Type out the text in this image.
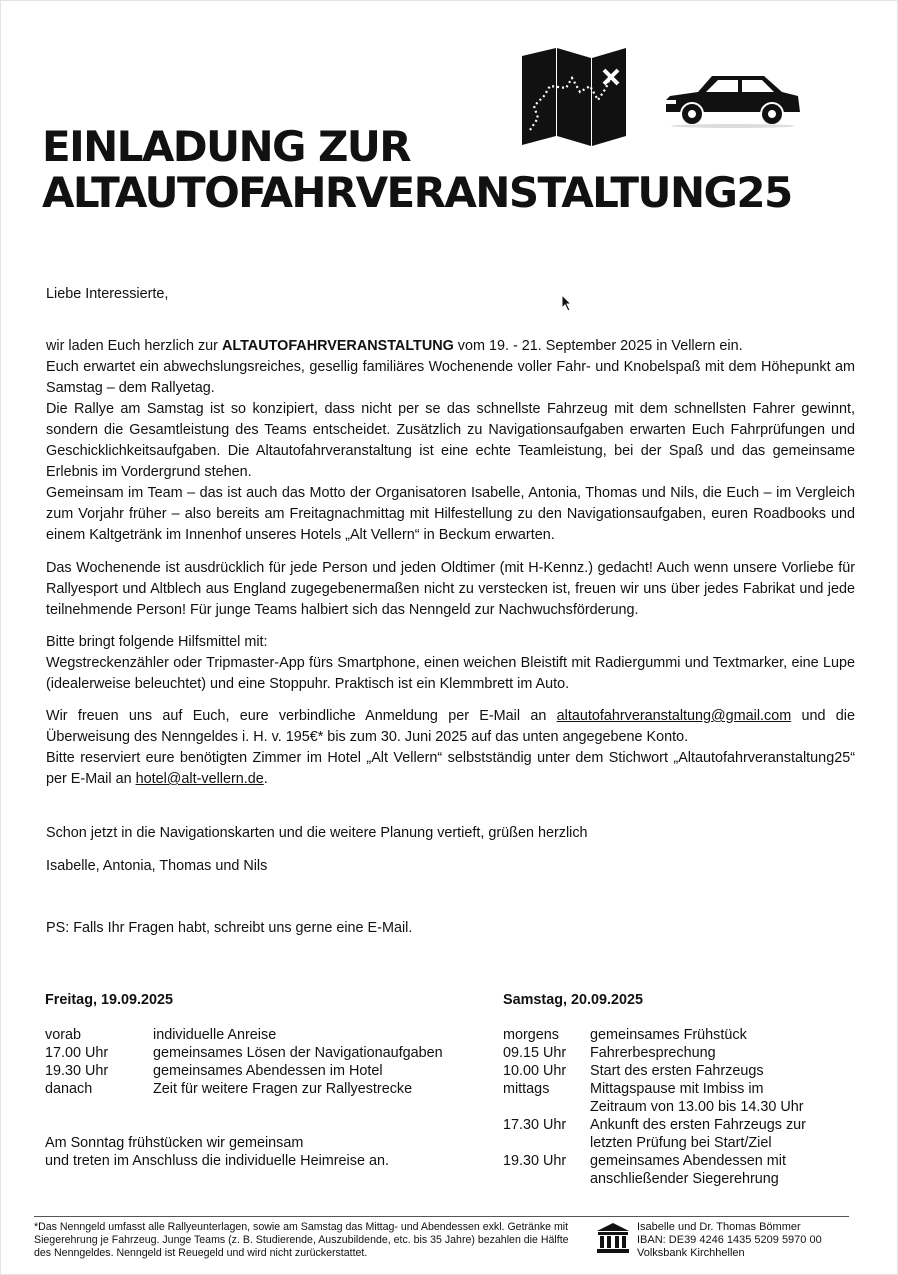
EINLADUNG ZUR
ALTAUTOFAHRVERANSTALTUNG25

Liebe Interessierte,

wir laden Euch herzlich zur ALTAUTOFAHRVERANSTALTUNG vom 19. - 21. September 2025 in Vellern ein.

Euch erwartet ein abwechslungsreiches, gesellig familiäres Wochenende voller Fahr- und Knobelspaß mit dem Höhepunkt am Samstag – dem Rallyetag.

Die Rallye am Samstag ist so konzipiert, dass nicht per se das schnellste Fahrzeug mit dem schnellsten Fahrer gewinnt, sondern die Gesamtleistung des Teams entscheidet. Zusätzlich zu Navigationsaufgaben erwarten Euch Fahrprüfungen und Geschicklichkeitsaufgaben. Die Altautofahrveranstaltung ist eine echte Teamleistung, bei der Spaß und das gemeinsame Erlebnis im Vordergrund stehen.

Gemeinsam im Team – das ist auch das Motto der Organisatoren Isabelle, Antonia, Thomas und Nils, die Euch – im Vergleich zum Vorjahr früher – also bereits am Freitagnachmittag mit Hilfestellung zu den Navigationsaufgaben, euren Roadbooks und einem Kaltgetränk im Innenhof unseres Hotels „Alt Vellern“ in Beckum erwarten.

Das Wochenende ist ausdrücklich für jede Person und jeden Oldtimer (mit H-Kennz.) gedacht! Auch wenn unsere Vorliebe für Rallyesport und Altblech aus England zugegebenermaßen nicht zu verstecken ist, freuen wir uns über jedes Fabrikat und jede teilnehmende Person! Für junge Teams halbiert sich das Nenngeld zur Nachwuchsförderung.

Bitte bringt folgende Hilfsmittel mit:

Wegstreckenzähler oder Tripmaster-App fürs Smartphone, einen weichen Bleistift mit Radiergummi und Textmarker, eine Lupe (idealerweise beleuchtet) und eine Stoppuhr. Praktisch ist ein Klemmbrett im Auto.

Wir freuen uns auf Euch, eure verbindliche Anmeldung per E-Mail an altautofahrveranstaltung@gmail.com und die Überweisung des Nenngeldes i. H. v. 195€* bis zum 30. Juni 2025 auf das unten angegebene Konto.

Bitte reserviert eure benötigten Zimmer im Hotel „Alt Vellern“ selbstständig unter dem Stichwort „Altautofahrveranstaltung25“ per E-Mail an hotel@alt-vellern.de.

Schon jetzt in die Navigationskarten und die weitere Planung vertieft, grüßen herzlich

Isabelle, Antonia, Thomas und Nils

PS: Falls Ihr Fragen habt, schreibt uns gerne eine E-Mail.

Freitag, 19.09.2025
vorab	individuelle Anreise
17.00 Uhr	gemeinsames Lösen der Navigationaufgaben
19.30 Uhr	gemeinsames Abendessen im Hotel
danach	Zeit für weitere Fragen zur Rallyestrecke
Am Sonntag frühstücken wir gemeinsam
und treten im Anschluss die individuelle Heimreise an.
Samstag, 20.09.2025
morgens	gemeinsames Frühstück
09.15 Uhr	Fahrerbesprechung
10.00 Uhr	Start des ersten Fahrzeugs
mittags	Mittagspause mit Imbiss im
Zeitraum von 13.00 bis 14.30 Uhr

17.30 Uhr	Ankunft des ersten Fahrzeugs zur
letzten Prüfung bei Start/Ziel

19.30 Uhr	gemeinsames Abendessen mit
anschließender Siegerehrung
*Das Nenngeld umfasst alle Rallyeunterlagen, sowie am Samstag das Mittag- und Abendessen exkl. Getränke mit Siegerehrung je Fahrzeug. Junge Teams (z. B. Studierende, Auszubildende, etc. bis 35 Jahre) bezahlen die Hälfte des Nenngeldes. Nenngeld ist Reuegeld und wird nicht zurückerstattet.
Isabelle und Dr. Thomas Bömmer
IBAN: DE39 4246 1435 5209 5970 00
Volksbank Kirchhellen
